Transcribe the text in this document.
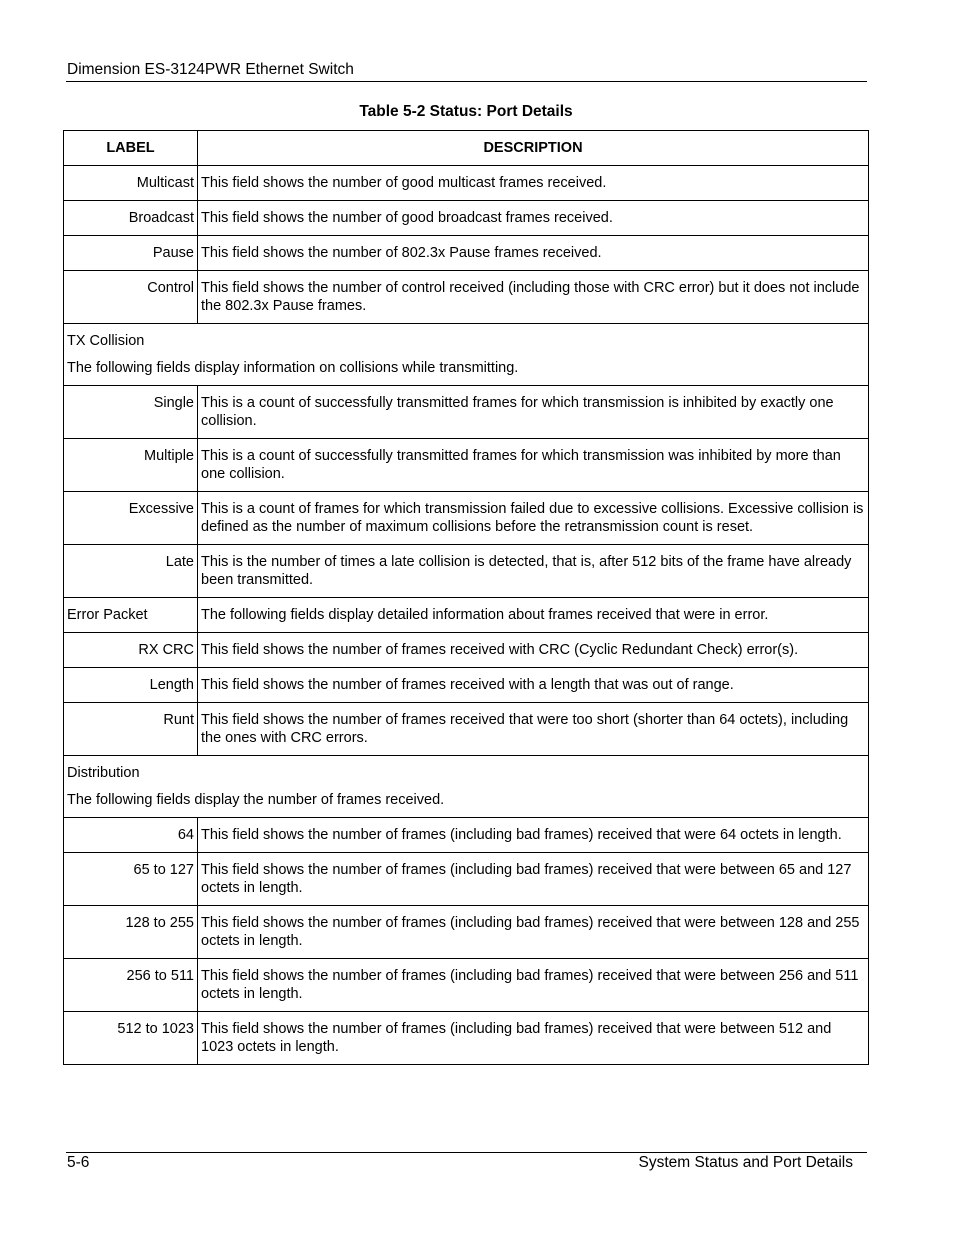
Dimension ES-3124PWR Ethernet Switch
Table 5-2 Status: Port Details
LABEL	DESCRIPTION
Multicast	This field shows the number of good multicast frames received.
Broadcast	This field shows the number of good broadcast frames received.
Pause	This field shows the number of 802.3x Pause frames received.
Control	This field shows the number of control received (including those with CRC error) but it does not include the 802.3x Pause frames.

TX Collision

The following fields display information on collisions while transmitting.	

Single	This is a count of successfully transmitted frames for which transmission is inhibited by exactly one collision.
Multiple	This is a count of successfully transmitted frames for which transmission was inhibited by more than one collision.
Excessive	This is a count of frames for which transmission failed due to excessive collisions. Excessive collision is defined as the number of maximum collisions before the retransmission count is reset.
Late	This is the number of times a late collision is detected, that is, after 512 bits of the frame have already been transmitted.
Error Packet	The following fields display detailed information about frames received that were in error.
RX CRC	This field shows the number of frames received with CRC (Cyclic Redundant Check) error(s).
Length	This field shows the number of frames received with a length that was out of range.
Runt	This field shows the number of frames received that were too short (shorter than 64 octets), including the ones with CRC errors.

Distribution

The following fields display the number of frames received.	

64	This field shows the number of frames (including bad frames) received that were 64 octets in length.
65 to 127	This field shows the number of frames (including bad frames) received that were between 65 and 127 octets in length.
128 to 255	This field shows the number of frames (including bad frames) received that were between 128 and 255 octets in length.
256 to 511	This field shows the number of frames (including bad frames) received that were between 256 and 511 octets in length.
512 to 1023	This field shows the number of frames (including bad frames) received that were between 512 and 1023 octets in length.
5-6	System Status and Port Details
